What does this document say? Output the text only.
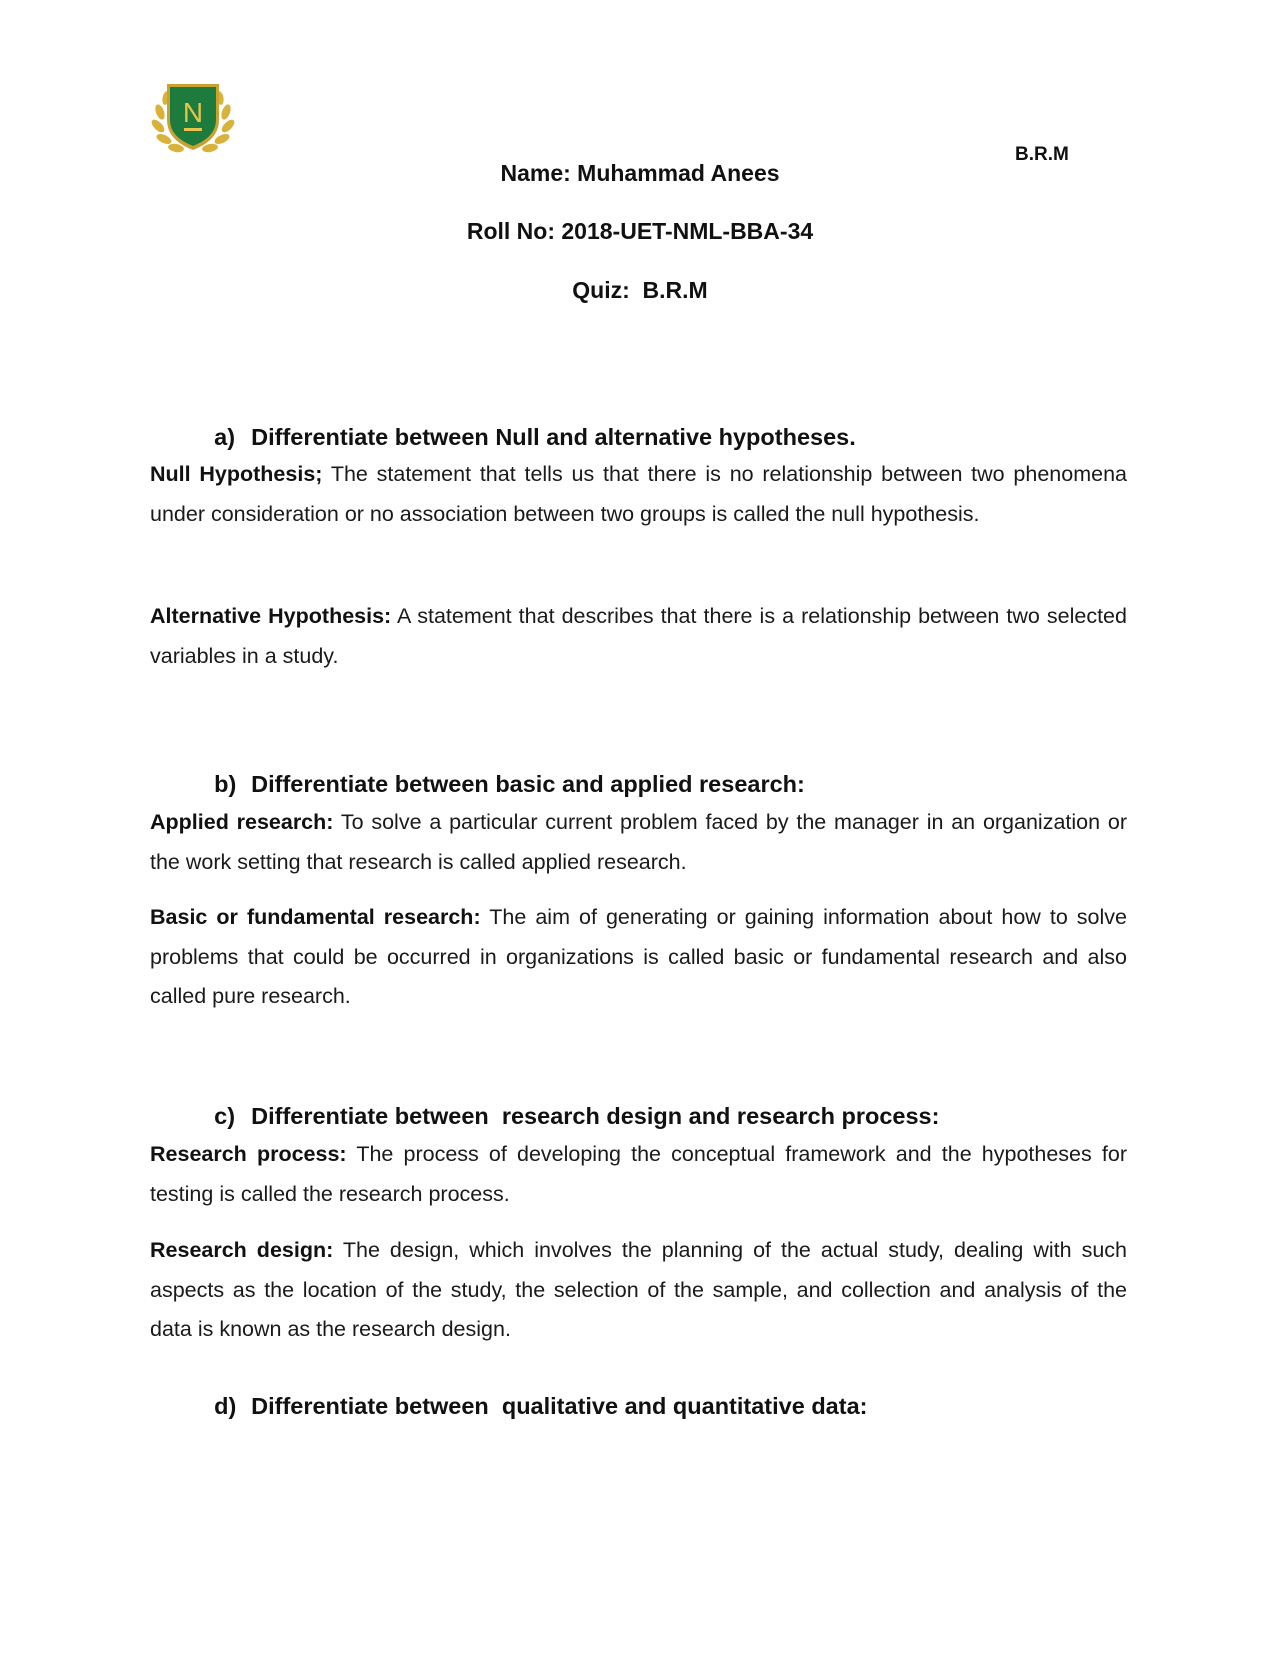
N
B.R.M
Name: Muhammad Anees
Roll No: 2018-UET-NML-BBA-34
Quiz:  B.R.M

a) Differentiate between Null and alternative hypotheses.

Null Hypothesis; The statement that tells us that there is no relationship between two phenomena under consideration or no association between two groups is called the null hypothesis.
Alternative Hypothesis: A statement that describes that there is a relationship between two selected variables in a study.

b) Differentiate between basic and applied research:

Applied research: To solve a particular current problem faced by the manager in an organization or the work setting that research is called applied research.
Basic or fundamental research: The aim of generating or gaining information about how to solve problems that could be occurred in organizations is called basic or fundamental research and also called pure research.

c) Differentiate between  research design and research process:

Research process: The process of developing the conceptual framework and the hypotheses for testing is called the research process.
Research design: The design, which involves the planning of the actual study, dealing with such aspects as the location of the study, the selection of the sample, and collection and analysis of the data is known as the research design.

d) Differentiate between  qualitative and quantitative data:
